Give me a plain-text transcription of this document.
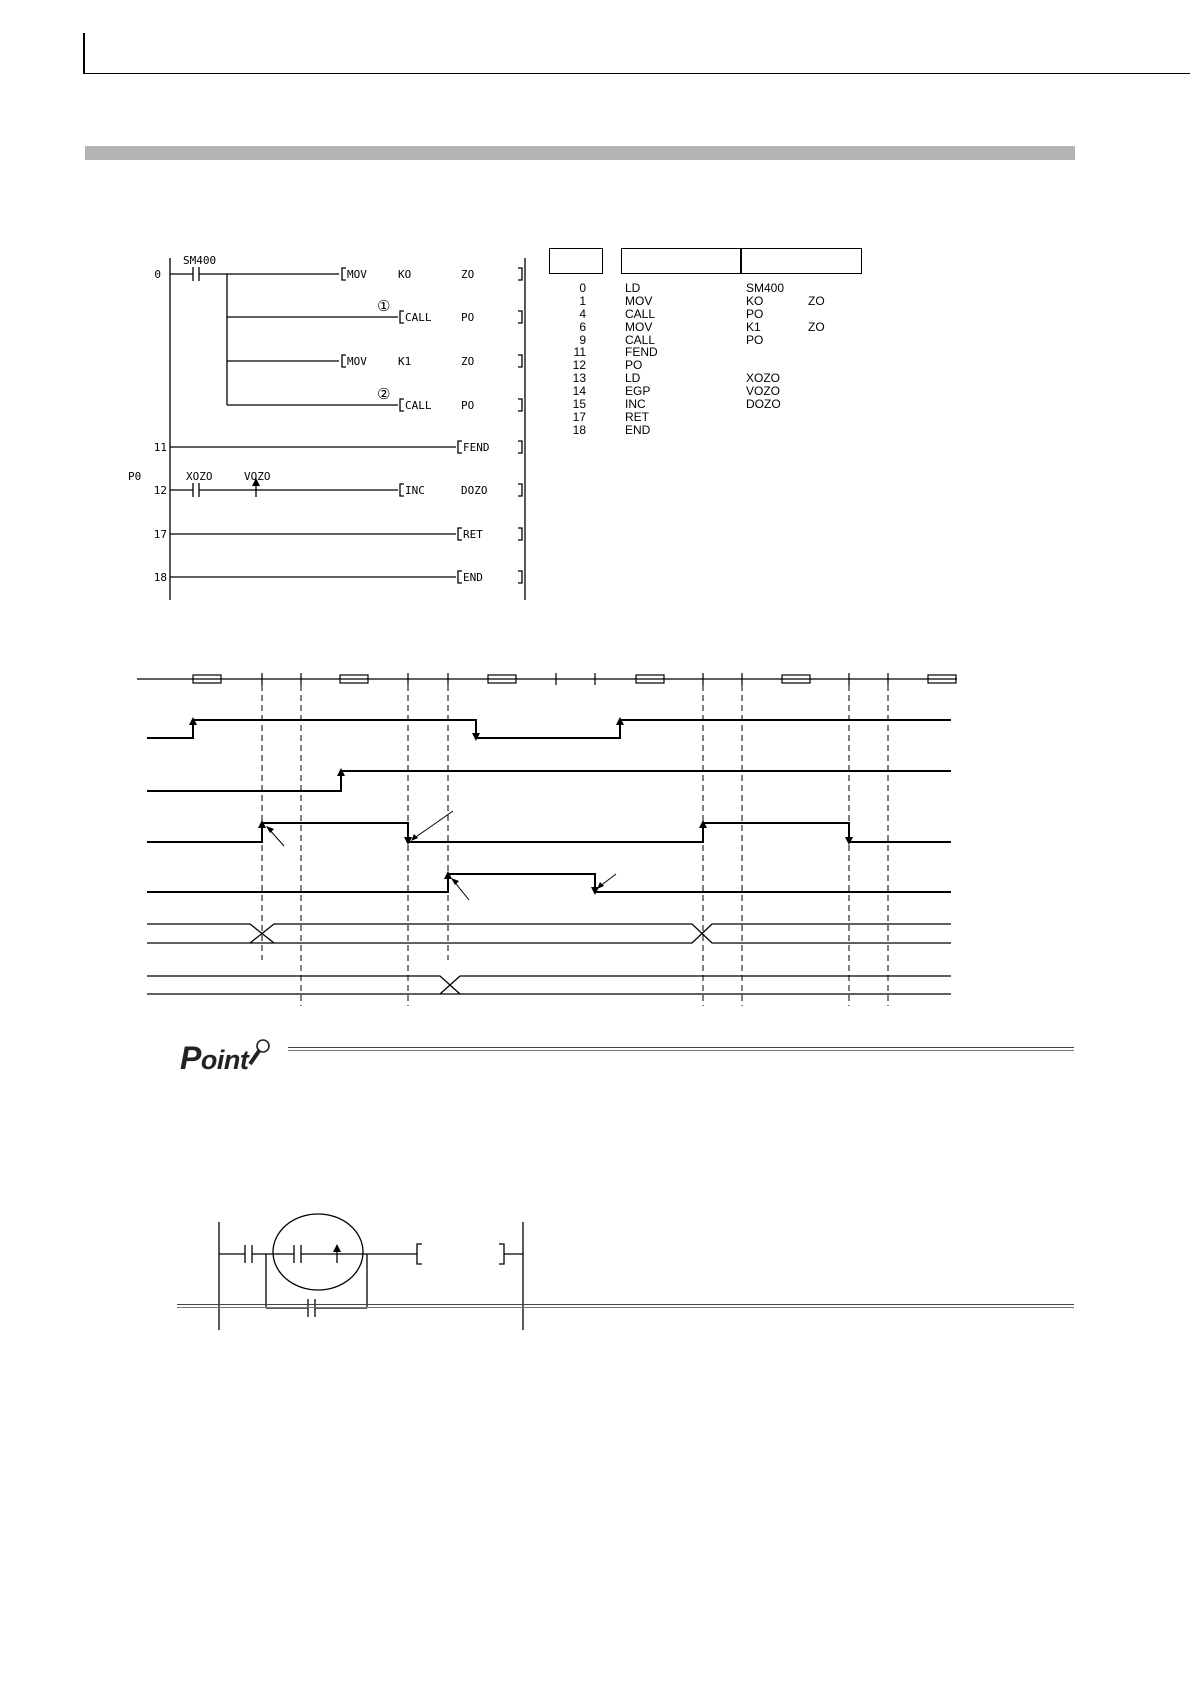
0
11
12
17
18
P0
SM400
XOZO	VOZO
①
②
MOV	KO	ZO
CALL	PO
MOV	K1	ZO
CALL	PO
FEND
INC	DOZO
RET
END
0	LD	SM400
1	MOV	KO	ZO
4	CALL	PO
6	MOV	K1	ZO
9	CALL	PO
11	FEND
12	PO
13	LD	XOZO
14	EGP	VOZO
15	INC	DOZO
17	RET
18	END
Point
